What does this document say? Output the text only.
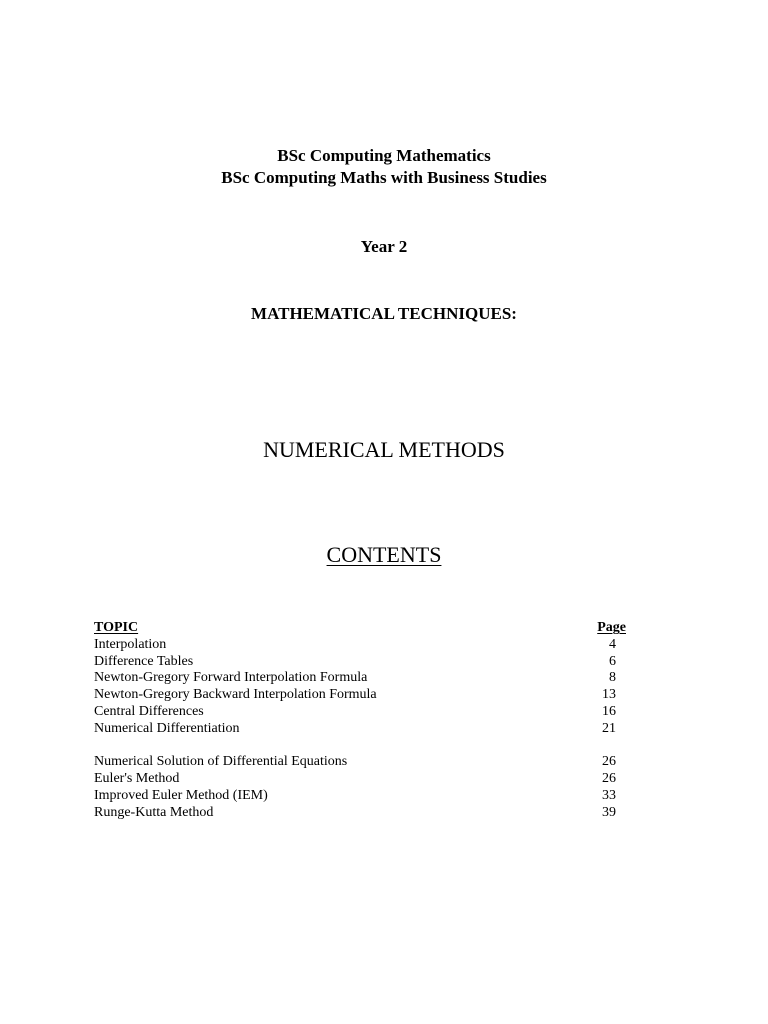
BSc Computing Mathematics
BSc Computing Maths with Business Studies
Year 2
MATHEMATICAL TECHNIQUES:
NUMERICAL METHODS
CONTENTS
TOPIC	Page
Interpolation	4
Difference Tables	6
Newton-Gregory Forward Interpolation Formula	8
Newton-Gregory Backward Interpolation Formula	13
Central Differences	16
Numerical Differentiation	21
Numerical Solution of Differential Equations	26
Euler's Method	26
Improved Euler Method (IEM)	33
Runge-Kutta Method	39
